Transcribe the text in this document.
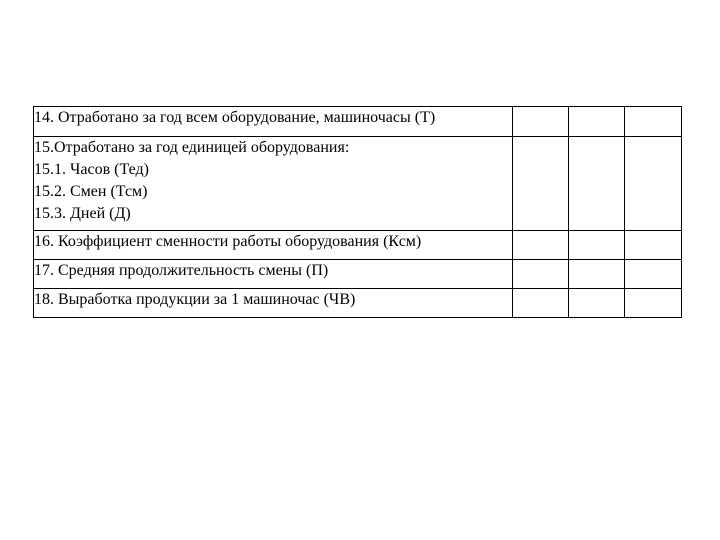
14. Отработано за год всем оборудование, машиночасы (Т)			

15.Отработано за год единицей оборудования:
15.1. Часов (Тед)
15.2. Смен (Тсм)
15.3. Дней (Д)			

16. Коэффициент сменности работы оборудования (Ксм)			

17. Средняя продолжительность смены (П)			

18. Выработка продукции за 1 машиночас (ЧВ)			
